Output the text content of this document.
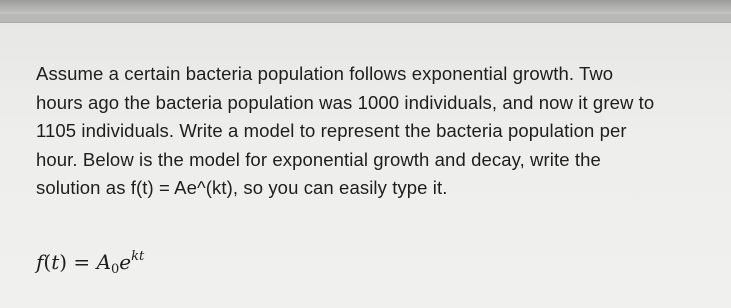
Assume a certain bacteria population follows exponential growth. Two
hours ago the bacteria population was 1000 individuals, and now it grew to
1105 individuals. Write a model to represent the bacteria population per
hour. Below is the model for exponential growth and decay, write the
solution as f(t) = Ae^(kt), so you can easily type it.

$f(t) = A_0e^{kt}$
